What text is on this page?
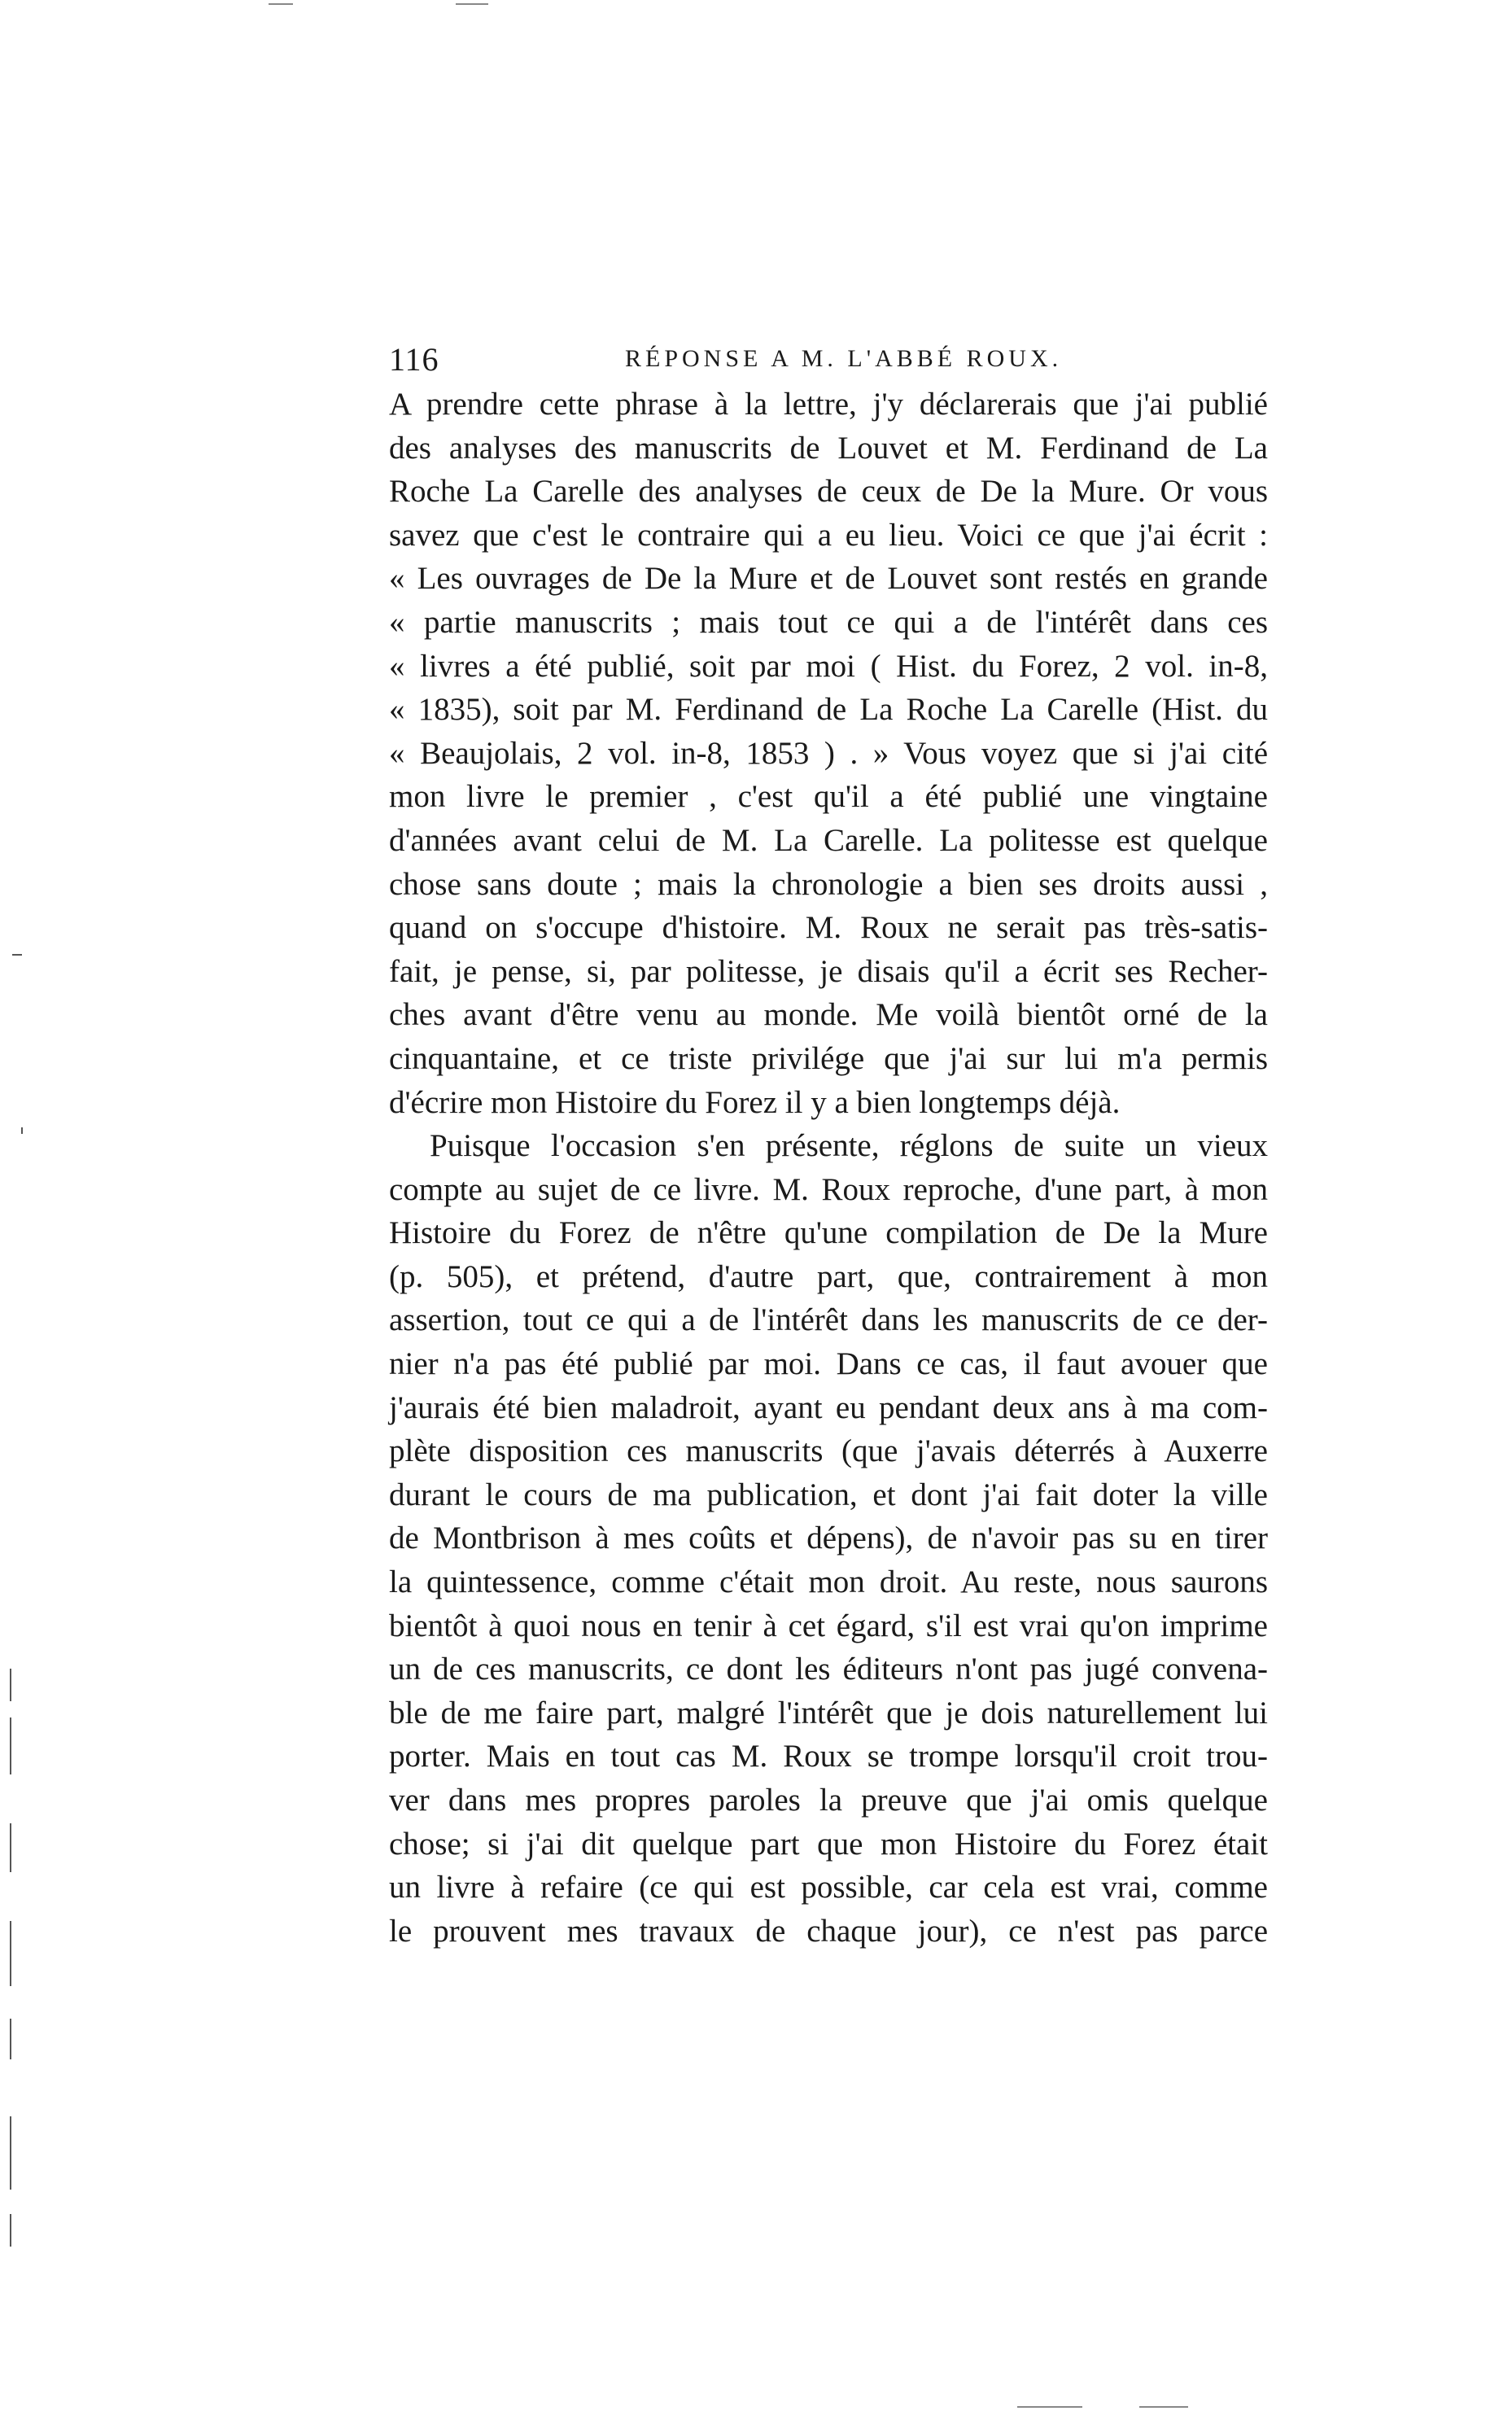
116	RÉPONSE A M. L'ABBÉ ROUX.
A prendre cette phrase à la lettre, j'y déclarerais que j'ai publié
des analyses des manuscrits de Louvet et M. Ferdinand de La
Roche La Carelle des analyses de ceux de De la Mure. Or vous
savez que c'est le contraire qui a eu lieu. Voici ce que j'ai écrit :
« Les ouvrages de De la Mure et de Louvet sont restés en grande
« partie manuscrits ; mais tout ce qui a de l'intérêt dans ces
« livres a été publié, soit par moi ( Hist. du Forez, 2 vol. in-8,
« 1835), soit par M. Ferdinand de La Roche La Carelle (Hist. du
« Beaujolais, 2 vol. in-8, 1853 ) . » Vous voyez que si j'ai cité
mon livre le premier , c'est qu'il a été publié une vingtaine
d'années avant celui de M. La Carelle. La politesse est quelque
chose sans doute ; mais la chronologie a bien ses droits aussi ,
quand on s'occupe d'histoire. M. Roux ne serait pas très-satis-
fait, je pense, si, par politesse, je disais qu'il a écrit ses Recher-
ches avant d'être venu au monde. Me voilà bientôt orné de la
cinquantaine, et ce triste privilége que j'ai sur lui m'a permis
d'écrire mon Histoire du Forez il y a bien longtemps déjà.
Puisque l'occasion s'en présente, réglons de suite un vieux
compte au sujet de ce livre. M. Roux reproche, d'une part, à mon
Histoire du Forez de n'être qu'une compilation de De la Mure
(p. 505), et prétend, d'autre part, que, contrairement à mon
assertion, tout ce qui a de l'intérêt dans les manuscrits de ce der-
nier n'a pas été publié par moi. Dans ce cas, il faut avouer que
j'aurais été bien maladroit, ayant eu pendant deux ans à ma com-
plète disposition ces manuscrits (que j'avais déterrés à Auxerre
durant le cours de ma publication, et dont j'ai fait doter la ville
de Montbrison à mes coûts et dépens), de n'avoir pas su en tirer
la quintessence, comme c'était mon droit. Au reste, nous saurons
bientôt à quoi nous en tenir à cet égard, s'il est vrai qu'on imprime
un de ces manuscrits, ce dont les éditeurs n'ont pas jugé convena-
ble de me faire part, malgré l'intérêt que je dois naturellement lui
porter. Mais en tout cas M. Roux se trompe lorsqu'il croit trou-
ver dans mes propres paroles la preuve que j'ai omis quelque
chose; si j'ai dit quelque part que mon Histoire du Forez était
un livre à refaire (ce qui est possible, car cela est vrai, comme
le prouvent mes travaux de chaque jour), ce n'est pas parce
